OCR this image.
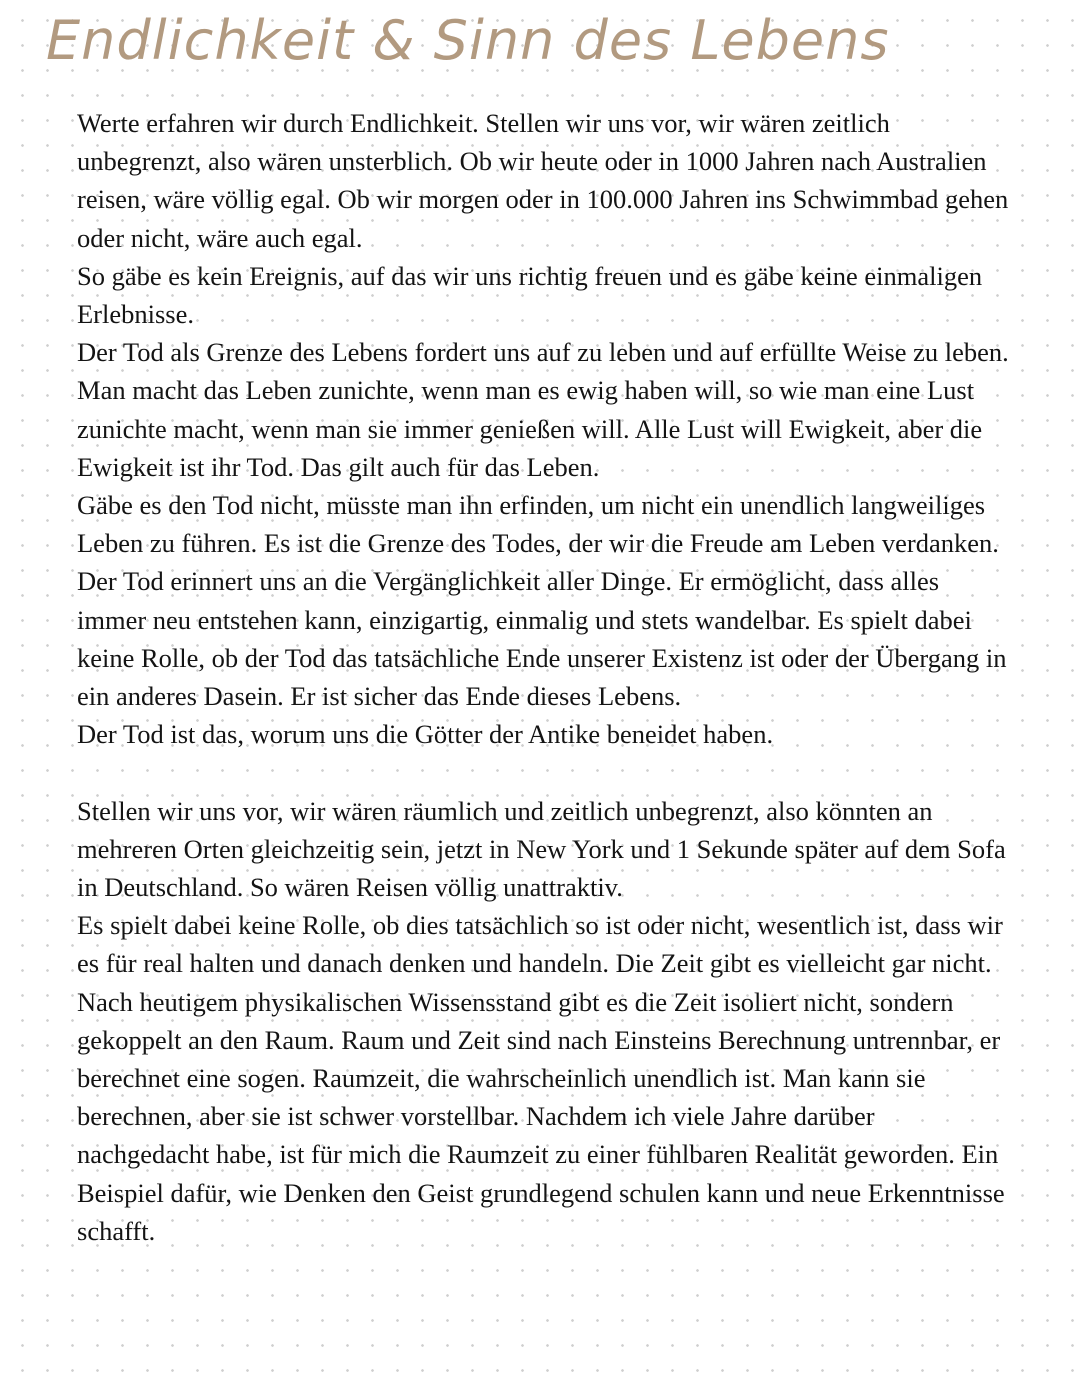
Endlichkeit & Sinn des Lebens

Werte erfahren wir durch Endlichkeit. Stellen wir uns vor, wir wären zeitlich unbegrenzt, also wären unsterblich. Ob wir heute oder in 1000 Jahren nach Australien reisen, wäre völlig egal. Ob wir morgen oder in 100.000 Jahren ins Schwimmbad gehen oder nicht, wäre auch egal.

So gäbe es kein Ereignis, auf das wir uns richtig freuen und es gäbe keine einmaligen Erlebnisse.

Der Tod als Grenze des Lebens fordert uns auf zu leben und auf erfüllte Weise zu leben. Man macht das Leben zunichte, wenn man es ewig haben will, so wie man eine Lust zunichte macht, wenn man sie immer genießen will. Alle Lust will Ewigkeit, aber die Ewigkeit ist ihr Tod. Das gilt auch für das Leben.

Gäbe es den Tod nicht, müsste man ihn erfinden, um nicht ein unendlich langweiliges Leben zu führen. Es ist die Grenze des Todes, der wir die Freude am Leben verdanken.

Der Tod erinnert uns an die Vergänglichkeit aller Dinge. Er ermöglicht, dass alles immer neu entstehen kann, einzigartig, einmalig und stets wandelbar. Es spielt dabei keine Rolle, ob der Tod das tatsächliche Ende unserer Existenz ist oder der Übergang in ein anderes Dasein. Er ist sicher das Ende dieses Lebens.

Der Tod ist das, worum uns die Götter der Antike beneidet haben.

Stellen wir uns vor, wir wären räumlich und zeitlich unbegrenzt, also könnten an mehreren Orten gleichzeitig sein, jetzt in New York und 1 Sekunde später auf dem Sofa in Deutschland. So wären Reisen völlig unattraktiv.

Es spielt dabei keine Rolle, ob dies tatsächlich so ist oder nicht, wesentlich ist, dass wir es für real halten und danach denken und handeln. Die Zeit gibt es vielleicht gar nicht. Nach heutigem physikalischen Wissensstand gibt es die Zeit isoliert nicht, sondern gekoppelt an den Raum. Raum und Zeit sind nach Einsteins Berechnung untrennbar, er berechnet eine sogen. Raumzeit, die wahrscheinlich unendlich ist. Man kann sie berechnen, aber sie ist schwer vorstellbar. Nachdem ich viele Jahre darüber nachgedacht habe, ist für mich die Raumzeit zu einer fühlbaren Realität geworden. Ein Beispiel dafür, wie Denken den Geist grundlegend schulen kann und neue Erkenntnisse schafft.
